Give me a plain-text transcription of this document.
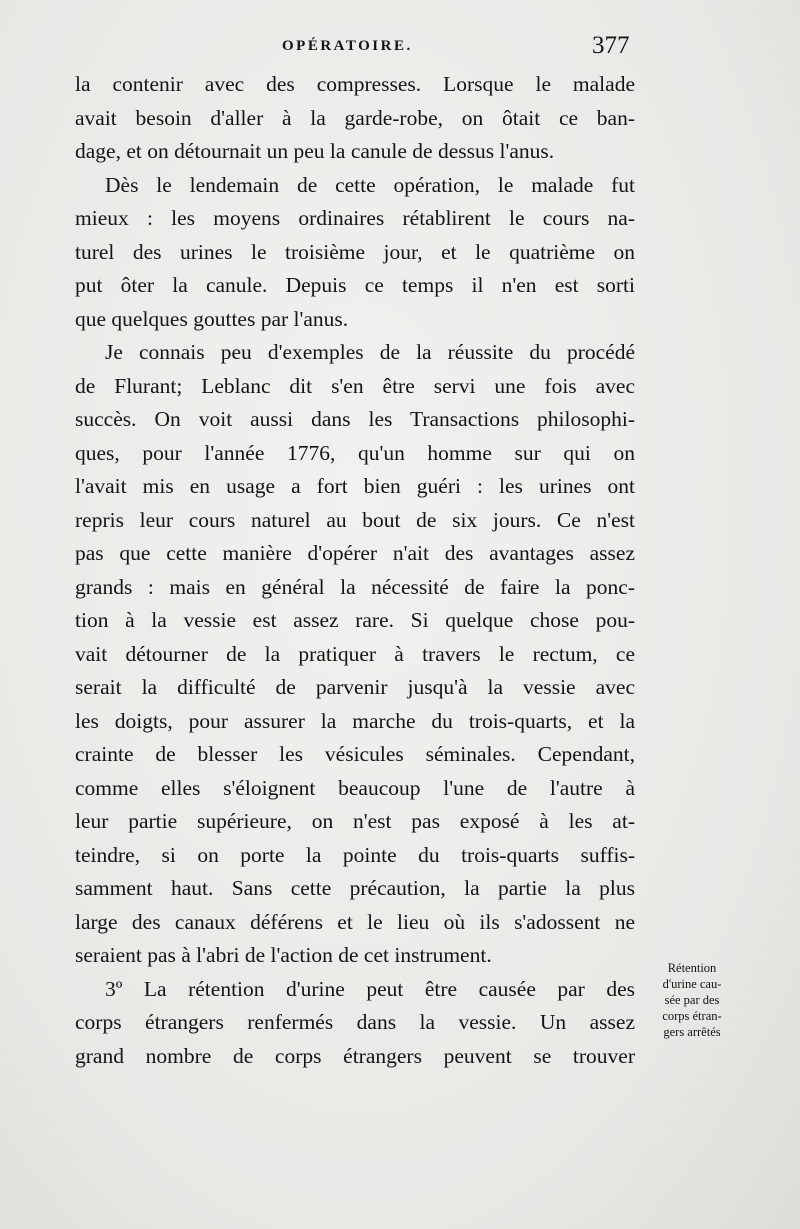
OPÉRATOIRE.	377
la contenir avec des compresses. Lorsque le malade
avait besoin d'aller à la garde-robe, on ôtait ce ban-
dage, et on détournait un peu la canule de dessus l'anus.
Dès le lendemain de cette opération, le malade fut
mieux : les moyens ordinaires rétablirent le cours na-
turel des urines le troisième jour, et le quatrième on
put ôter la canule. Depuis ce temps il n'en est sorti
que quelques gouttes par l'anus.
Je connais peu d'exemples de la réussite du procédé
de Flurant; Leblanc dit s'en être servi une fois avec
succès. On voit aussi dans les Transactions philosophi-
ques, pour l'année 1776, qu'un homme sur qui on
l'avait mis en usage a fort bien guéri : les urines ont
repris leur cours naturel au bout de six jours. Ce n'est
pas que cette manière d'opérer n'ait des avantages assez
grands : mais en général la nécessité de faire la ponc-
tion à la vessie est assez rare. Si quelque chose pou-
vait détourner de la pratiquer à travers le rectum, ce
serait la difficulté de parvenir jusqu'à la vessie avec
les doigts, pour assurer la marche du trois-quarts, et la
crainte de blesser les vésicules séminales. Cependant,
comme elles s'éloignent beaucoup l'une de l'autre à
leur partie supérieure, on n'est pas exposé à les at-
teindre, si on porte la pointe du trois-quarts suffis-
samment haut. Sans cette précaution, la partie la plus
large des canaux déférens et le lieu où ils s'adossent ne
seraient pas à l'abri de l'action de cet instrument.
3º La rétention d'urine peut être causée par des
corps étrangers renfermés dans la vessie. Un assez
grand nombre de corps étrangers peuvent se trouver
Rétention
d'urine cau-
sée par des
corps étran-
gers arrêtés
